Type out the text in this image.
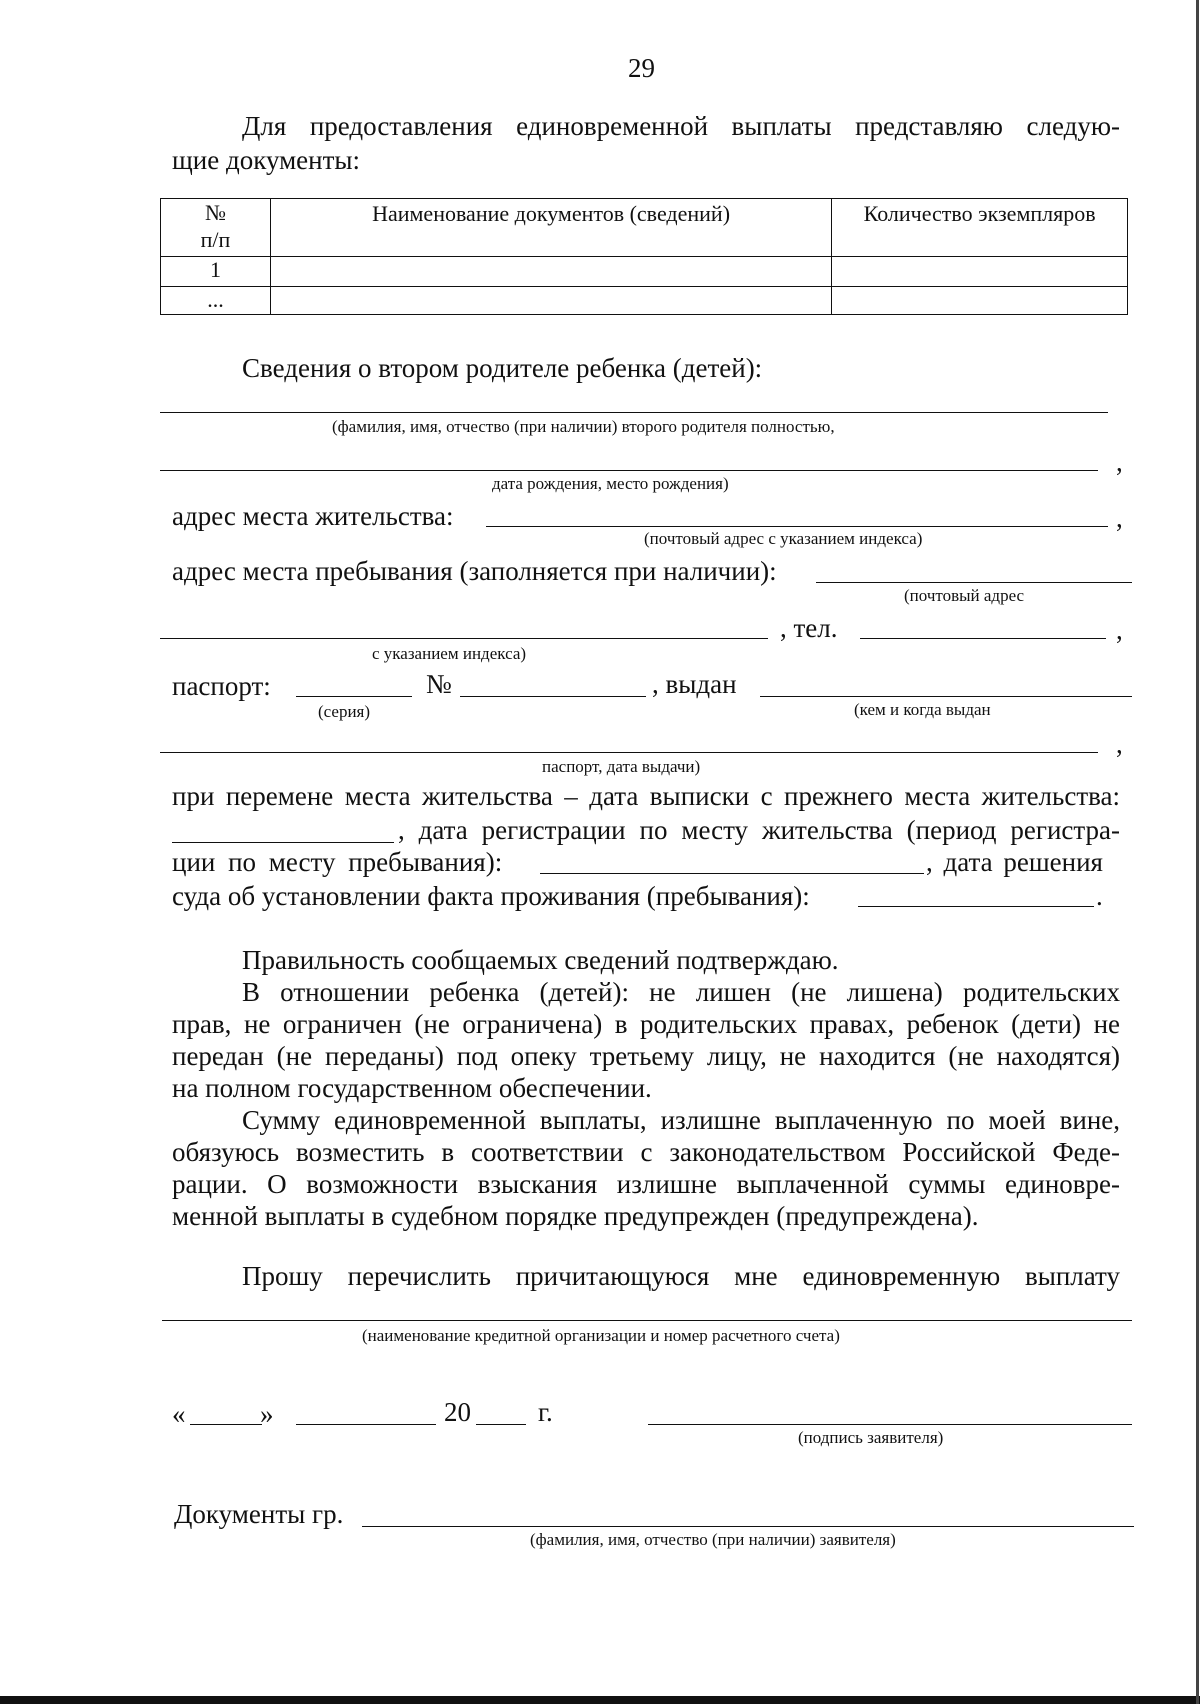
29
Для предоставления единовременной выплаты представляю следую-
щие документы:
№
п/п	Наименование документов (сведений)	Количество экземпляров
1		
...		
Сведения о втором родителе ребенка (детей):
(фамилия, имя, отчество (при наличии) второго родителя полностью,
,
дата рождения, место рождения)
адрес места жительства:	,
(почтовый адрес с указанием индекса)
адрес места пребывания (заполняется при наличии):
(почтовый адрес
, тел.	,
с указанием индекса)
паспорт:	№	, выдан
(серия)	(кем и когда выдан
,
паспорт, дата выдачи)
при перемене места жительства – дата выписки с прежнего места жительства:
, дата регистрации по месту жительства (период регистра-
ции по месту пребывания):	, дата решения
суда об установлении факта проживания (пребывания):	.
Правильность сообщаемых сведений подтверждаю.
В отношении ребенка (детей): не лишен (не лишена) родительских
прав, не ограничен (не ограничена) в родительских правах, ребенок (дети) не
передан (не переданы) под опеку третьему лицу, не находится (не находятся)
на полном государственном обеспечении.
Сумму единовременной выплаты, излишне выплаченную по моей вине,
обязуюсь возместить в соответствии с законодательством Российской Феде-
рации. О возможности взыскания излишне выплаченной суммы единовре-
менной выплаты в судебном порядке предупрежден (предупреждена).
Прошу перечислить причитающуюся мне единовременную выплату
(наименование кредитной организации и номер расчетного счета)
«	»	20 г.
(подпись заявителя)
Документы гр.
(фамилия, имя, отчество (при наличии) заявителя)
